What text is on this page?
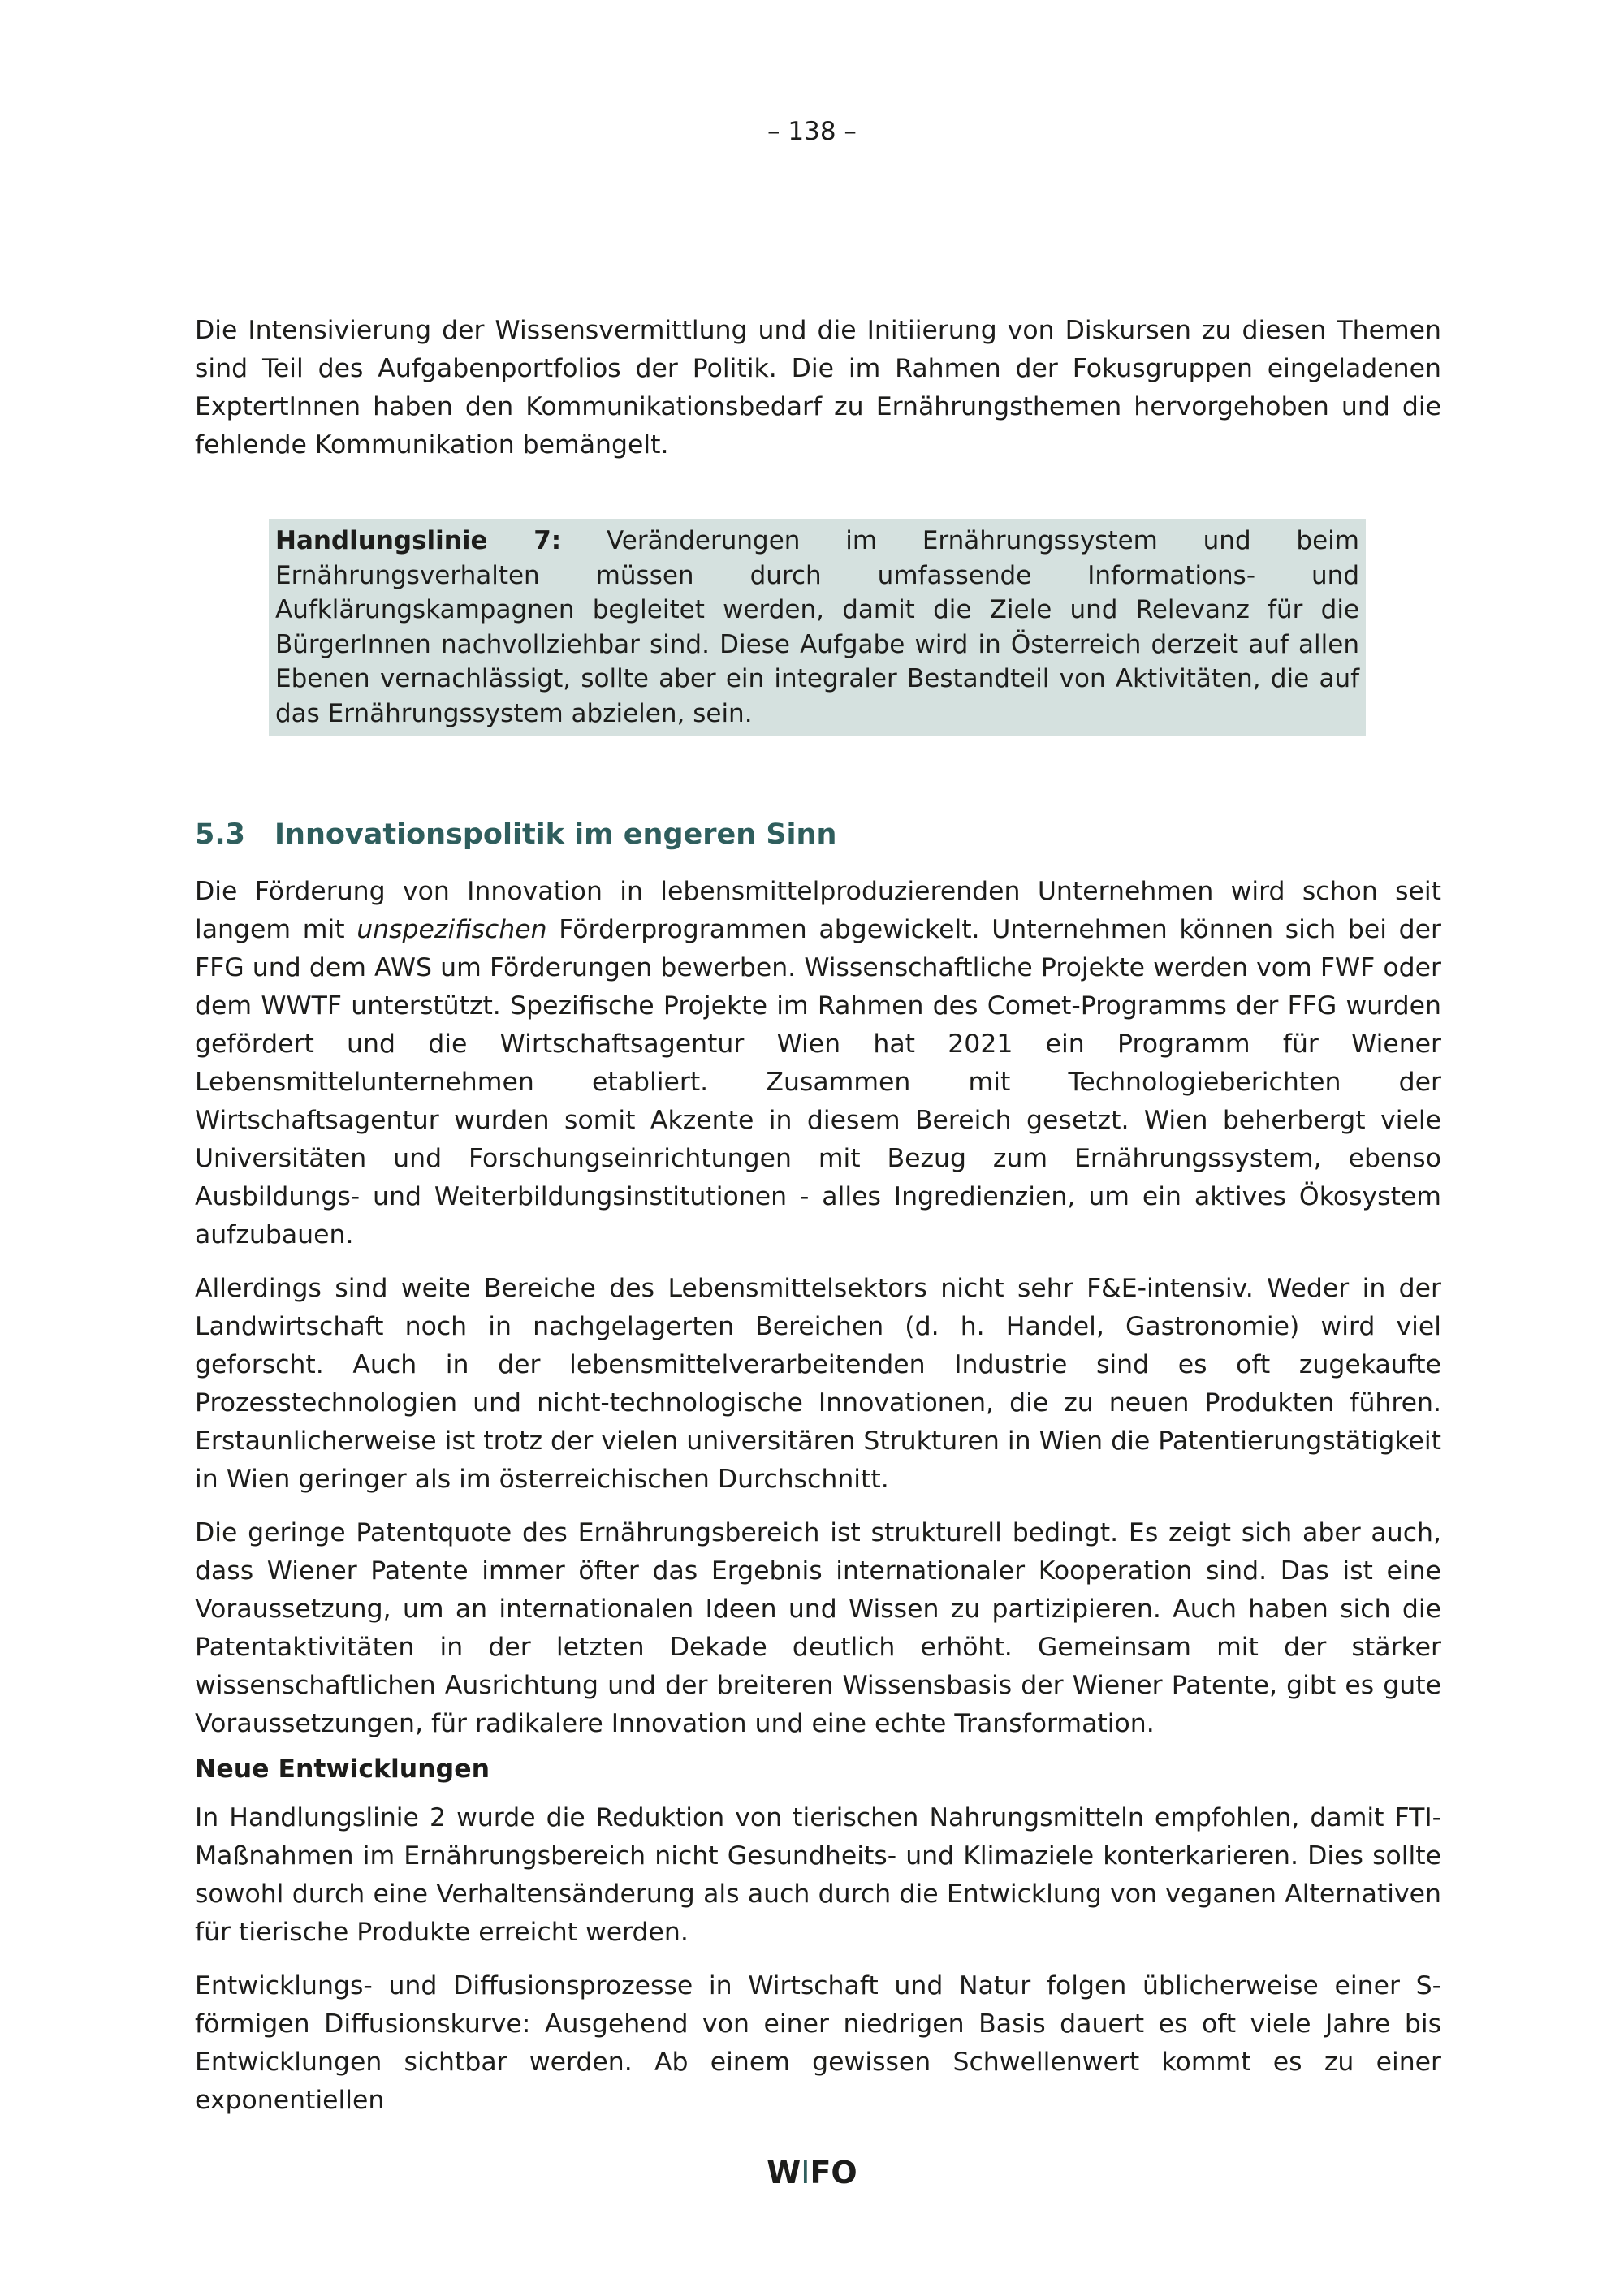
– 138 –

Die Intensivierung der Wissensvermittlung und die Initiierung von Diskursen zu diesen Themen sind Teil des Aufgabenportfolios der Politik. Die im Rahmen der Fokusgruppen eingeladenen ExptertInnen haben den Kommunikationsbedarf zu Ernährungsthemen hervorgehoben und die fehlende Kommunikation bemängelt.

Handlungslinie 7: Veränderungen im Ernährungssystem und beim Ernährungsverhalten müssen durch umfassende Informations- und Aufklärungskampagnen begleitet werden, damit die Ziele und Relevanz für die BürgerInnen nachvollziehbar sind. Diese Aufgabe wird in Österreich derzeit auf allen Ebenen vernachlässigt, sollte aber ein integraler Bestandteil von Aktivitäten, die auf das Ernährungssystem abzielen, sein.

5.3 Innovationspolitik im engeren Sinn

Die Förderung von Innovation in lebensmittelproduzierenden Unternehmen wird schon seit langem mit unspezifischen Förderprogrammen abgewickelt. Unternehmen können sich bei der FFG und dem AWS um Förderungen bewerben. Wissenschaftliche Projekte werden vom FWF oder dem WWTF unterstützt. Spezifische Projekte im Rahmen des Comet-Programms der FFG wurden gefördert und die Wirtschaftsagentur Wien hat 2021 ein Programm für Wiener Lebensmittelunternehmen etabliert. Zusammen mit Technologieberichten der Wirtschaftsagentur wurden somit Akzente in diesem Bereich gesetzt. Wien beherbergt viele Universitäten und Forschungseinrichtungen mit Bezug zum Ernährungssystem, ebenso Ausbildungs- und Weiterbildungsinstitutionen - alles Ingredienzien, um ein aktives Ökosystem aufzubauen.

Allerdings sind weite Bereiche des Lebensmittelsektors nicht sehr F&E-intensiv. Weder in der Landwirtschaft noch in nachgelagerten Bereichen (d. h. Handel, Gastronomie) wird viel geforscht. Auch in der lebensmittelverarbeitenden Industrie sind es oft zugekaufte Prozesstechnologien und nicht-technologische Innovationen, die zu neuen Produkten führen. Erstaunlicherweise ist trotz der vielen universitären Strukturen in Wien die Patentierungstätigkeit in Wien geringer als im österreichischen Durchschnitt.

Die geringe Patentquote des Ernährungsbereich ist strukturell bedingt. Es zeigt sich aber auch, dass Wiener Patente immer öfter das Ergebnis internationaler Kooperation sind. Das ist eine Voraussetzung, um an internationalen Ideen und Wissen zu partizipieren. Auch haben sich die Patentaktivitäten in der letzten Dekade deutlich erhöht. Gemeinsam mit der stärker wissenschaftlichen Ausrichtung und der breiteren Wissensbasis der Wiener Patente, gibt es gute Voraussetzungen, für radikalere Innovation und eine echte Transformation.

Neue Entwicklungen

In Handlungslinie 2 wurde die Reduktion von tierischen Nahrungsmitteln empfohlen, damit FTI-Maßnahmen im Ernährungsbereich nicht Gesundheits- und Klimaziele konterkarieren. Dies sollte sowohl durch eine Verhaltensänderung als auch durch die Entwicklung von veganen Alternativen für tierische Produkte erreicht werden.

Entwicklungs- und Diffusionsprozesse in Wirtschaft und Natur folgen üblicherweise einer S-förmigen Diffusionskurve: Ausgehend von einer niedrigen Basis dauert es oft viele Jahre bis Entwicklungen sichtbar werden. Ab einem gewissen Schwellenwert kommt es zu einer exponentiellen

WIFO
